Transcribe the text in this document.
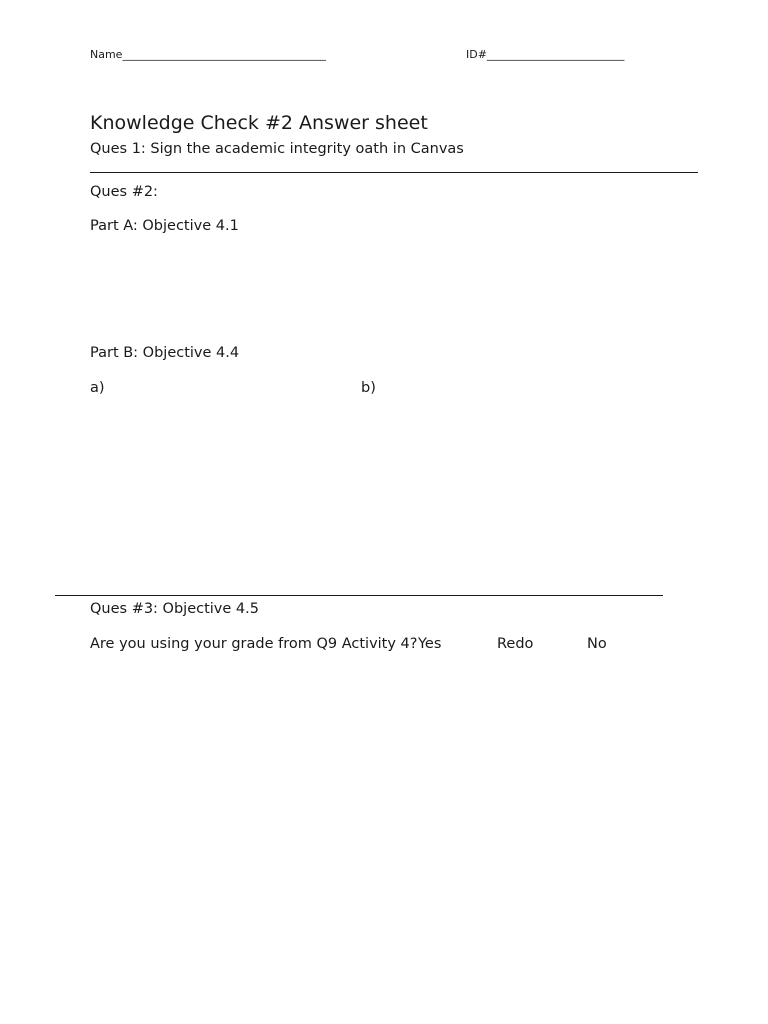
Name_____________________________________	ID#_________________________
Knowledge Check #2 Answer sheet
Ques 1: Sign the academic integrity oath in Canvas
Ques #2:
Part A: Objective 4.1
Part B: Objective 4.4
a)	b)
Ques #3: Objective 4.5
Are you using your grade from Q9 Activity 4? Yes	Redo	No
